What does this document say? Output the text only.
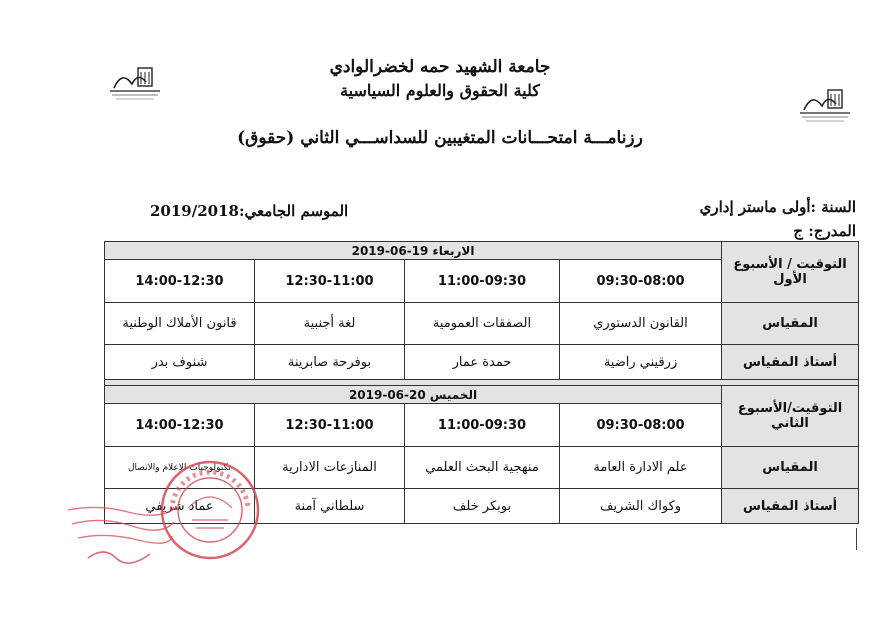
جامعة الشهيد حمه لخضرالوادي
كلية الحقوق والعلوم السياسية
رزنامـــة امتحـــانات المتغيبين للسداســـي الثاني (حقوق)
السنة :أولى ماستر إداري
المدرج: ج
الموسم الجامعي:2019/2018
الاربعاء 19-06-2019				التوقيت / الأسبوع الأول
14:00-12:30	12:30-11:00	11:00-09:30	09:30-08:00	
قانون الأملاك الوطنية	لغة أجنبية	الصفقات العمومية	القانون الدستوري	المقياس
شنوف بدر	بوفرحة صابرينة	حمدة عمار	زرقيني راضية	أستاذ المقياس

الخميس 20-06-2019				التوقيت/الأسبوع الثاني
14:00-12:30	12:30-11:00	11:00-09:30	09:30-08:00	
تكنولوجيات الاعلام والاتصال	المنازعات الادارية	منهجية البحث العلمي	علم الادارة العامة	المقياس
عماد شريفي	سلطاني آمنة	بوبكر خلف	وكواك الشريف	أستاذ المقياس
